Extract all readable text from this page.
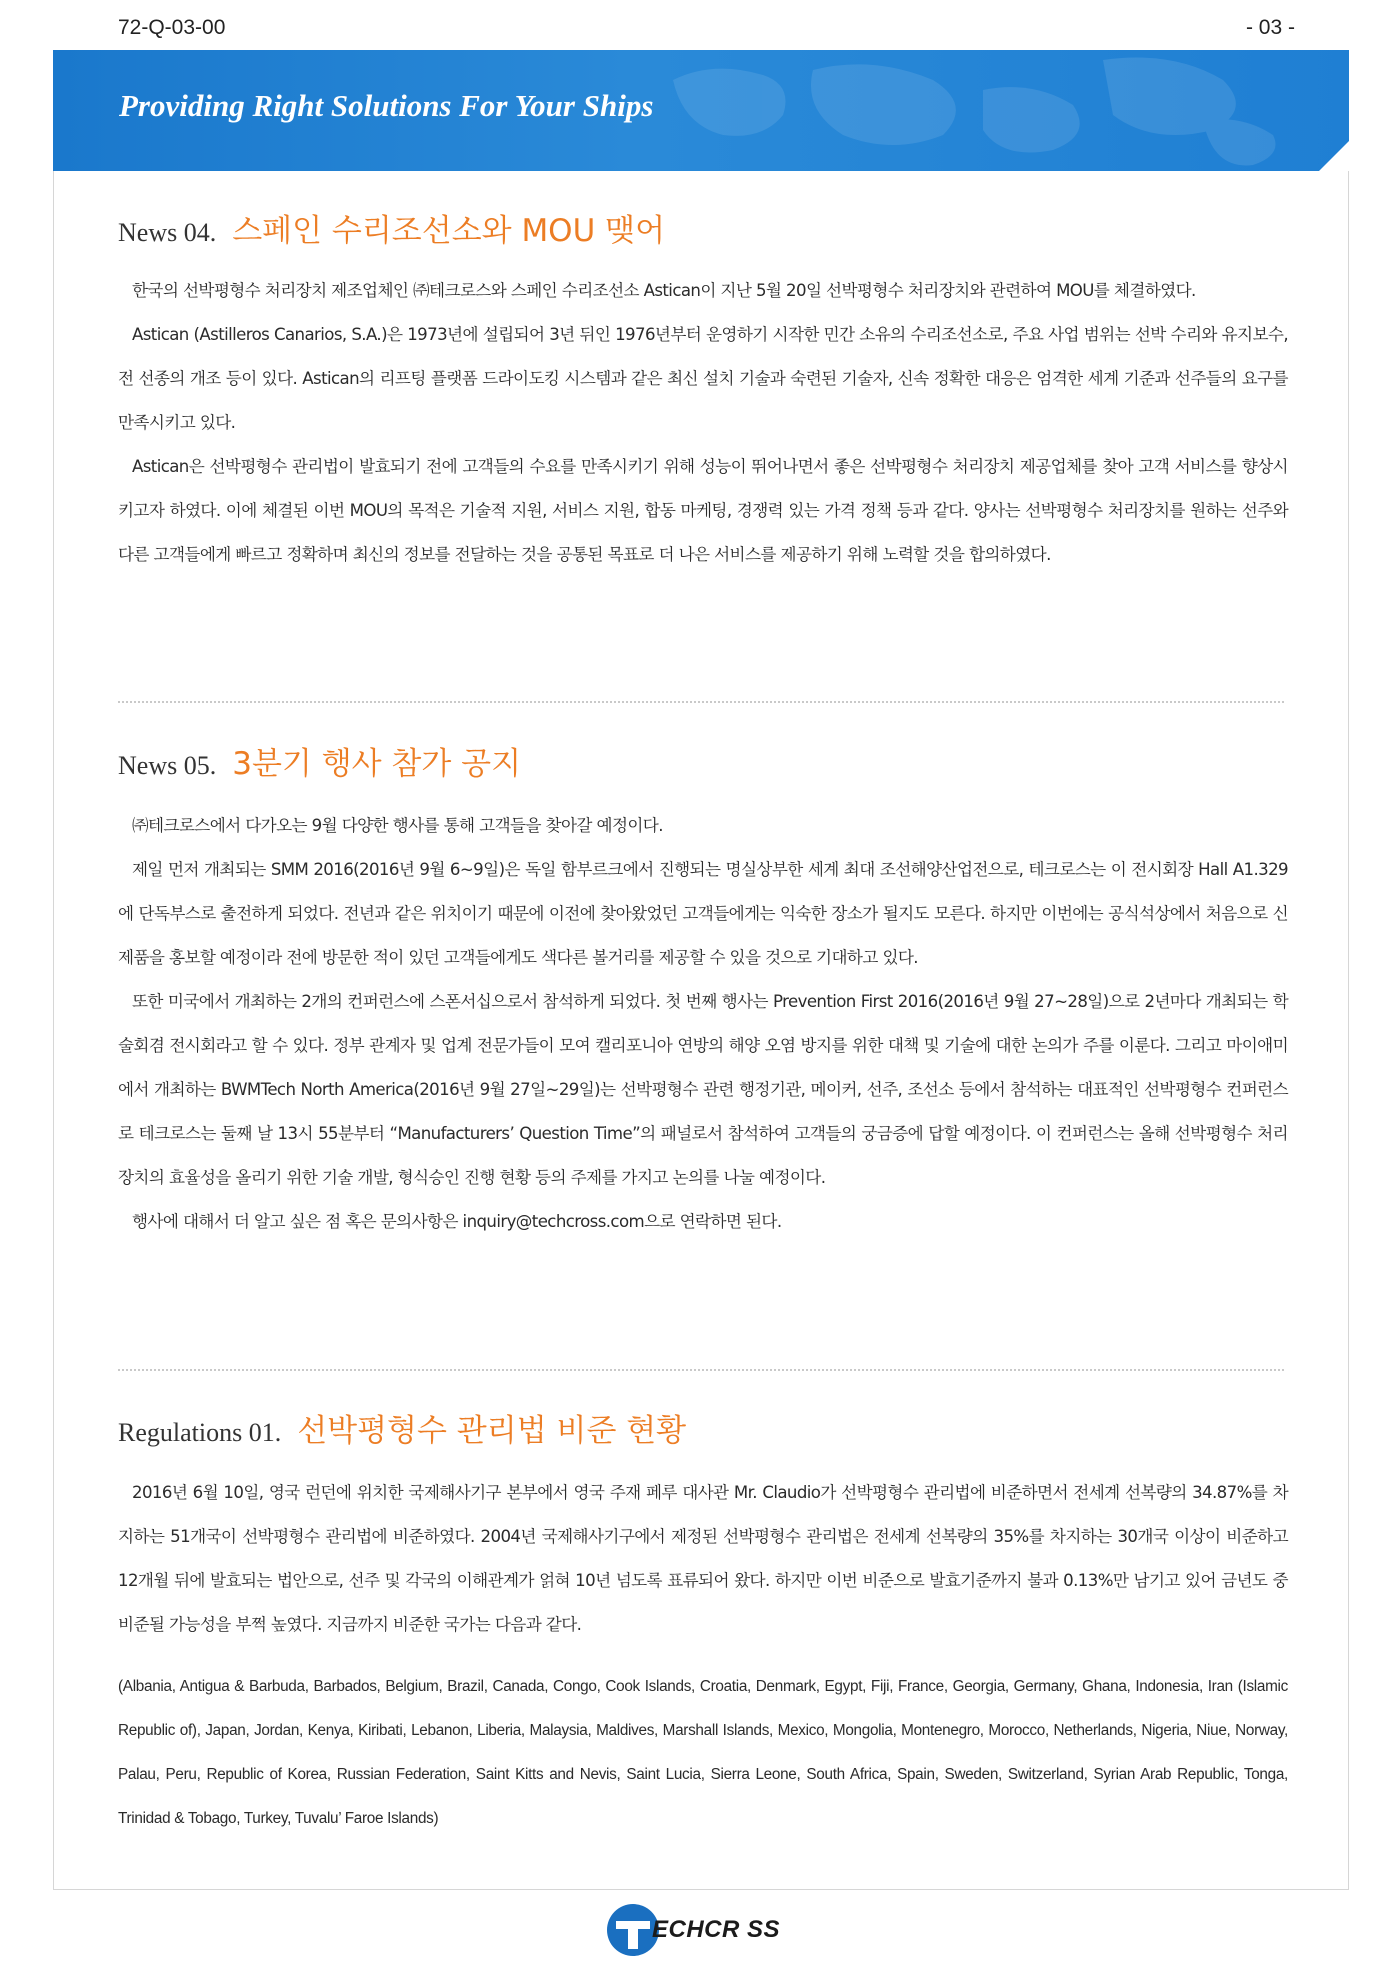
72-Q-03-00	- 03 -
Providing Right Solutions For Your Ships
News 04. 스페인 수리조선소와 MOU 맺어

한국의 선박평형수 처리장치 제조업체인 ㈜테크로스와 스페인 수리조선소 Astican이 지난 5월 20일 선박평형수 처리장치와 관련하여 MOU를 체결하였다.

Astican (Astilleros Canarios, S.A.)은 1973년에 설립되어 3년 뒤인 1976년부터 운영하기 시작한 민간 소유의 수리조선소로, 주요 사업 범위는 선박 수리와 유지보수, 전 선종의 개조 등이 있다. Astican의 리프팅 플랫폼 드라이도킹 시스템과 같은 최신 설치 기술과 숙련된 기술자, 신속 정확한 대응은 엄격한 세계 기준과 선주들의 요구를 만족시키고 있다.

Astican은 선박평형수 관리법이 발효되기 전에 고객들의 수요를 만족시키기 위해 성능이 뛰어나면서 좋은 선박평형수 처리장치 제공업체를 찾아 고객 서비스를 향상시키고자 하였다. 이에 체결된 이번 MOU의 목적은 기술적 지원, 서비스 지원, 합동 마케팅, 경쟁력 있는 가격 정책 등과 같다. 양사는 선박평형수 처리장치를 원하는 선주와 다른 고객들에게 빠르고 정확하며 최신의 정보를 전달하는 것을 공통된 목표로 더 나은 서비스를 제공하기 위해 노력할 것을 합의하였다.

News 05. 3분기 행사 참가 공지

㈜테크로스에서 다가오는 9월 다양한 행사를 통해 고객들을 찾아갈 예정이다.

제일 먼저 개최되는 SMM 2016(2016년 9월 6~9일)은 독일 함부르크에서 진행되는 명실상부한 세계 최대 조선해양산업전으로, 테크로스는 이 전시회장 Hall A1.329에 단독부스로 출전하게 되었다. 전년과 같은 위치이기 때문에 이전에 찾아왔었던 고객들에게는 익숙한 장소가 될지도 모른다. 하지만 이번에는 공식석상에서 처음으로 신제품을 홍보할 예정이라 전에 방문한 적이 있던 고객들에게도 색다른 볼거리를 제공할 수 있을 것으로 기대하고 있다.

또한 미국에서 개최하는 2개의 컨퍼런스에 스폰서십으로서 참석하게 되었다. 첫 번째 행사는 Prevention First 2016(2016년 9월 27~28일)으로 2년마다 개최되는 학술회겸 전시회라고 할 수 있다. 정부 관계자 및 업계 전문가들이 모여 캘리포니아 연방의 해양 오염 방지를 위한 대책 및 기술에 대한 논의가 주를 이룬다. 그리고 마이애미에서 개최하는 BWMTech North America(2016년 9월 27일~29일)는 선박평형수 관련 행정기관, 메이커, 선주, 조선소 등에서 참석하는 대표적인 선박평형수 컨퍼런스로 테크로스는 둘째 날 13시 55분부터 “Manufacturers’ Question Time”의 패널로서 참석하여 고객들의 궁금증에 답할 예정이다. 이 컨퍼런스는 올해 선박평형수 처리장치의 효율성을 올리기 위한 기술 개발, 형식승인 진행 현황 등의 주제를 가지고 논의를 나눌 예정이다.

행사에 대해서 더 알고 싶은 점 혹은 문의사항은 inquiry@techcross.com으로 연락하면 된다.

Regulations 01. 선박평형수 관리법 비준 현황

2016년 6월 10일, 영국 런던에 위치한 국제해사기구 본부에서 영국 주재 페루 대사관 Mr. Claudio가 선박평형수 관리법에 비준하면서 전세계 선복량의 34.87%를 차지하는 51개국이 선박평형수 관리법에 비준하였다. 2004년 국제해사기구에서 제정된 선박평형수 관리법은 전세계 선복량의 35%를 차지하는 30개국 이상이 비준하고 12개월 뒤에 발효되는 법안으로, 선주 및 각국의 이해관계가 얽혀 10년 넘도록 표류되어 왔다. 하지만 이번 비준으로 발효기준까지 불과 0.13%만 남기고 있어 금년도 중 비준될 가능성을 부쩍 높였다. 지금까지 비준한 국가는 다음과 같다.

(Albania, Antigua & Barbuda, Barbados, Belgium, Brazil, Canada, Congo, Cook Islands, Croatia, Denmark, Egypt, Fiji, France, Georgia, Germany, Ghana, Indonesia, Iran (Islamic Republic of), Japan, Jordan, Kenya, Kiribati, Lebanon, Liberia, Malaysia, Maldives, Marshall Islands, Mexico, Mongolia, Montenegro, Morocco, Netherlands, Nigeria, Niue, Norway, Palau, Peru, Republic of Korea, Russian Federation, Saint Kitts and Nevis, Saint Lucia, Sierra Leone, South Africa, Spain, Sweden, Switzerland, Syrian Arab Republic, Tonga, Trinidad & Tobago, Turkey, Tuvalu’ Faroe Islands)

ECHCR SS
